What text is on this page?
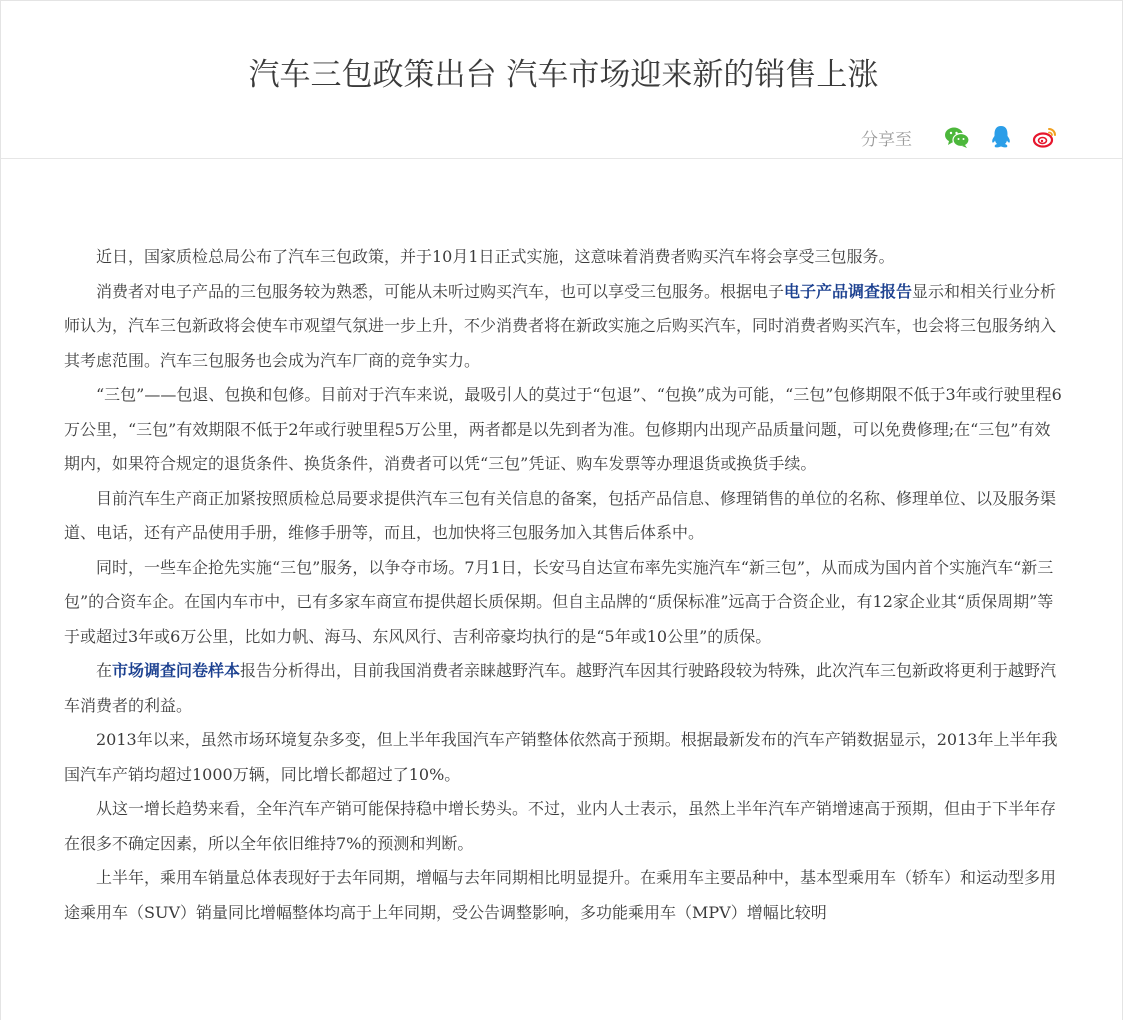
汽车三包政策出台 汽车市场迎来新的销售上涨
分享至

近日，国家质检总局公布了汽车三包政策，并于10月1日正式实施，这意味着消费者购买汽车将会享受三包服务。

消费者对电子产品的三包服务较为熟悉，可能从未听过购买汽车，也可以享受三包服务。根据电子电子产品调查报告显示和相关行业分析师认为，汽车三包新政将会使车市观望气氛进一步上升，不少消费者将在新政实施之后购买汽车，同时消费者购买汽车，也会将三包服务纳入其考虑范围。汽车三包服务也会成为汽车厂商的竞争实力。

“三包”——包退、包换和包修。目前对于汽车来说，最吸引人的莫过于“包退”、“包换”成为可能，“三包”包修期限不低于3年或行驶里程6万公里，“三包”有效期限不低于2年或行驶里程5万公里，两者都是以先到者为准。包修期内出现产品质量问题，可以免费修理;在“三包”有效期内，如果符合规定的退货条件、换货条件，消费者可以凭“三包”凭证、购车发票等办理退货或换货手续。

目前汽车生产商正加紧按照质检总局要求提供汽车三包有关信息的备案，包括产品信息、修理销售的单位的名称、修理单位、以及服务渠道、电话，还有产品使用手册，维修手册等，而且，也加快将三包服务加入其售后体系中。

同时，一些车企抢先实施“三包”服务，以争夺市场。7月1日，长安马自达宣布率先实施汽车“新三包”，从而成为国内首个实施汽车“新三包”的合资车企。在国内车市中，已有多家车商宣布提供超长质保期。但自主品牌的“质保标准”远高于合资企业，有12家企业其“质保周期”等于或超过3年或6万公里，比如力帆、海马、东风风行、吉利帝豪均执行的是“5年或10公里”的质保。

在市场调查问卷样本报告分析得出，目前我国消费者亲睐越野汽车。越野汽车因其行驶路段较为特殊，此次汽车三包新政将更利于越野汽车消费者的利益。

2013年以来，虽然市场环境复杂多变，但上半年我国汽车产销整体依然高于预期。根据最新发布的汽车产销数据显示，2013年上半年我国汽车产销均超过1000万辆，同比增长都超过了10%。

从这一增长趋势来看，全年汽车产销可能保持稳中增长势头。不过，业内人士表示，虽然上半年汽车产销增速高于预期，但由于下半年存在很多不确定因素，所以全年依旧维持7%的预测和判断。

上半年，乘用车销量总体表现好于去年同期，增幅与去年同期相比明显提升。在乘用车主要品种中，基本型乘用车（轿车）和运动型多用途乘用车（SUV）销量同比增幅整体均高于上年同期，受公告调整影响，多功能乘用车（MPV）增幅比较明
